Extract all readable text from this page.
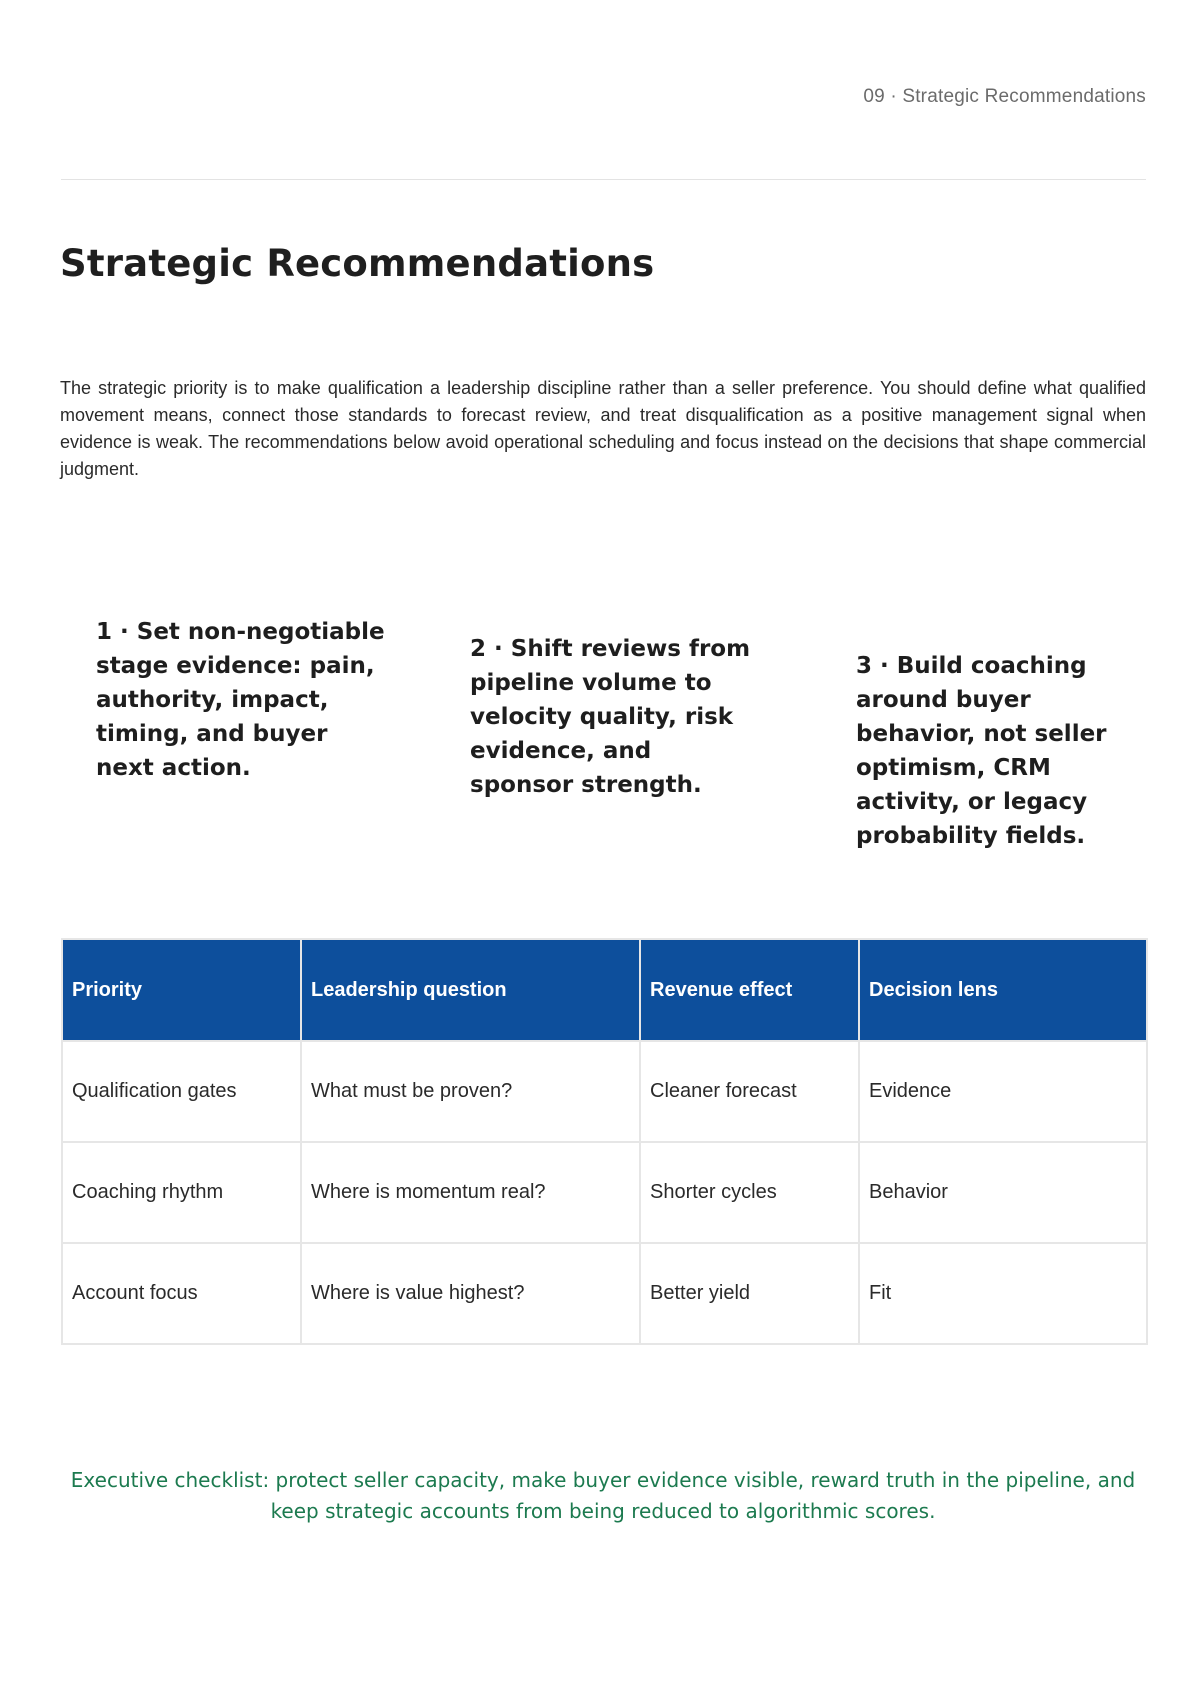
09 · Strategic Recommendations
Strategic Recommendations

The strategic priority is to make qualification a leadership discipline rather than a seller preference. You should define what qualified movement means, connect those standards to forecast review, and treat disqualification as a positive management signal when evidence is weak. The recommendations below avoid operational scheduling and focus instead on the decisions that shape commercial judgment.

1 · Set non-negotiable stage evidence: pain, authority, impact, timing, and buyer next action.
2 · Shift reviews from pipeline volume to velocity quality, risk evidence, and sponsor strength.
3 · Build coaching around buyer behavior, not seller optimism, CRM activity, or legacy probability fields.
Priority	Leadership question	Revenue effect	Decision lens
Qualification gates	What must be proven?	Cleaner forecast	Evidence
Coaching rhythm	Where is momentum real?	Shorter cycles	Behavior
Account focus	Where is value highest?	Better yield	Fit

Executive checklist: protect seller capacity, make buyer evidence visible, reward truth in the pipeline, and keep strategic accounts from being reduced to algorithmic scores.
